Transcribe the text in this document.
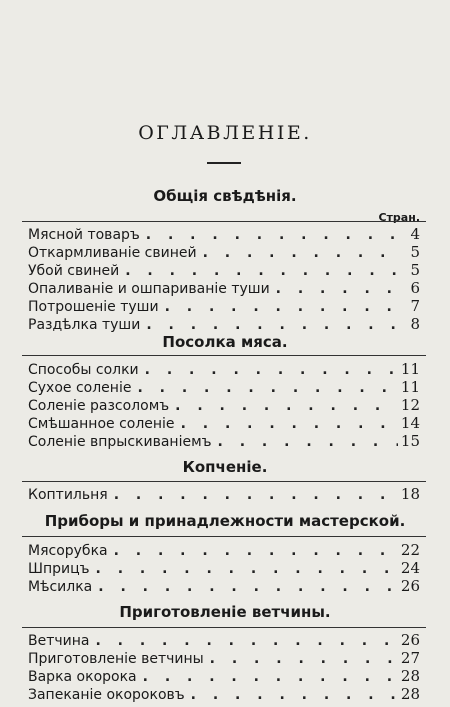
ОГЛАВЛЕНІЕ.
Общія свѣдѣнія.
Стран.
Мясной товаръ . . .	4
Откармливаніе свиней . . .	5
Убой свиней . . .	5
Опаливаніе и ошпариваніе туши . . .	6
Потрошеніе туши . . .	7
Раздѣлка туши . . .	8
Посолка мяса.
Способы солки . . .	11
Сухое соленіе . . .	11
Соленіе разсоломъ . . .	12
Смѣшанное соленіе . . .	14
Соленіе впрыскиваніемъ . . .	15
Копченіе.
Коптильня . . .	18
Приборы и принадлежности мастерской.
Мясорубка . . .	22
Шприцъ . . .	24
Мѣсилка . . .	26
Приготовленіе ветчины.
Ветчина . . .	26
Приготовленіе ветчины . . .	27
Варка окорока . . .	28
Запеканіе окороковъ . . .	28
